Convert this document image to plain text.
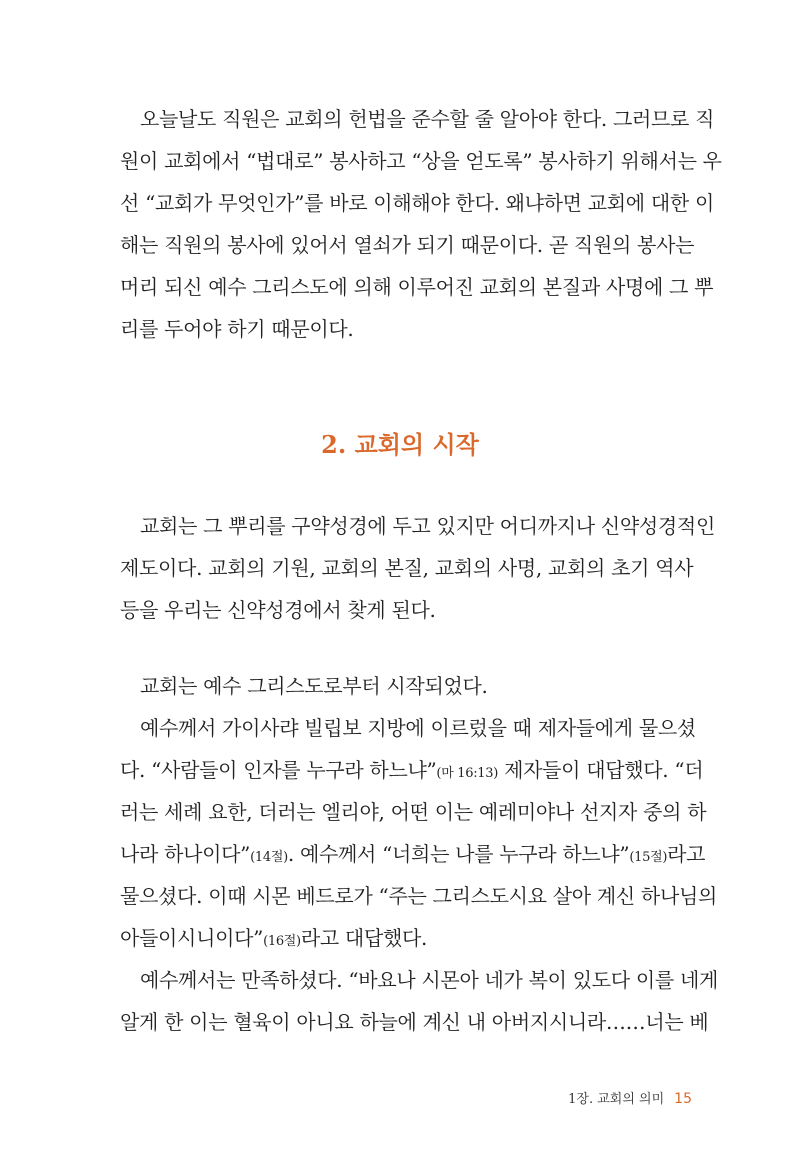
오늘날도 직원은 교회의 헌법을 준수할 줄 알아야 한다. 그러므로 직
원이 교회에서 “법대로” 봉사하고 “상을 얻도록” 봉사하기 위해서는 우
선 “교회가 무엇인가”를 바로 이해해야 한다. 왜냐하면 교회에 대한 이
해는 직원의 봉사에 있어서 열쇠가 되기 때문이다. 곧 직원의 봉사는
머리 되신 예수 그리스도에 의해 이루어진 교회의 본질과 사명에 그 뿌
리를 두어야 하기 때문이다.
2. 교회의 시작
교회는 그 뿌리를 구약성경에 두고 있지만 어디까지나 신약성경적인
제도이다. 교회의 기원, 교회의 본질, 교회의 사명, 교회의 초기 역사
등을 우리는 신약성경에서 찾게 된다.
교회는 예수 그리스도로부터 시작되었다.
예수께서 가이사랴 빌립보 지방에 이르렀을 때 제자들에게 물으셨
다. “사람들이 인자를 누구라 하느냐”(마 16:13) 제자들이 대답했다. “더
러는 세례 요한, 더러는 엘리야, 어떤 이는 예레미야나 선지자 중의 하
나라 하나이다”(14절). 예수께서 “너희는 나를 누구라 하느냐”(15절)라고
물으셨다. 이때 시몬 베드로가 “주는 그리스도시요 살아 계신 하나님의
아들이시니이다”(16절)라고 대답했다.
예수께서는 만족하셨다. “바요나 시몬아 네가 복이 있도다 이를 네게
알게 한 이는 혈육이 아니요 하늘에 계신 내 아버지시니라……너는 베
1장. 교회의 의미 15
